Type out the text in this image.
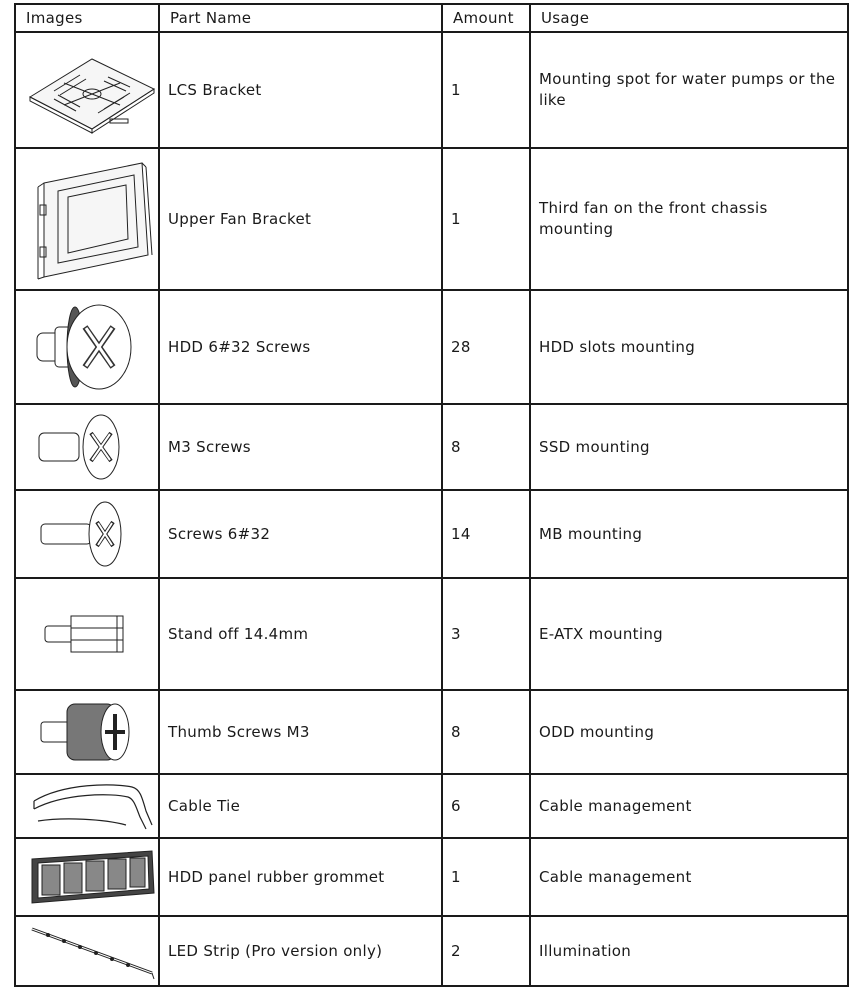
Images	Part Name	Amount	Usage

	LCS Bracket	1	Mounting spot for water pumps or the like

	Upper Fan Bracket	1	Third fan on the front chassis mounting

	HDD 6#32 Screws	28	HDD slots mounting

	M3 Screws	8	SSD mounting

	Screws 6#32	14	MB mounting

	Stand off 14.4mm	3	E-ATX mounting

	Thumb Screws M3	8	ODD mounting

	Cable Tie	6	Cable management

	HDD panel rubber grommet	1	Cable management

	LED Strip (Pro version only)	2	Illumination
